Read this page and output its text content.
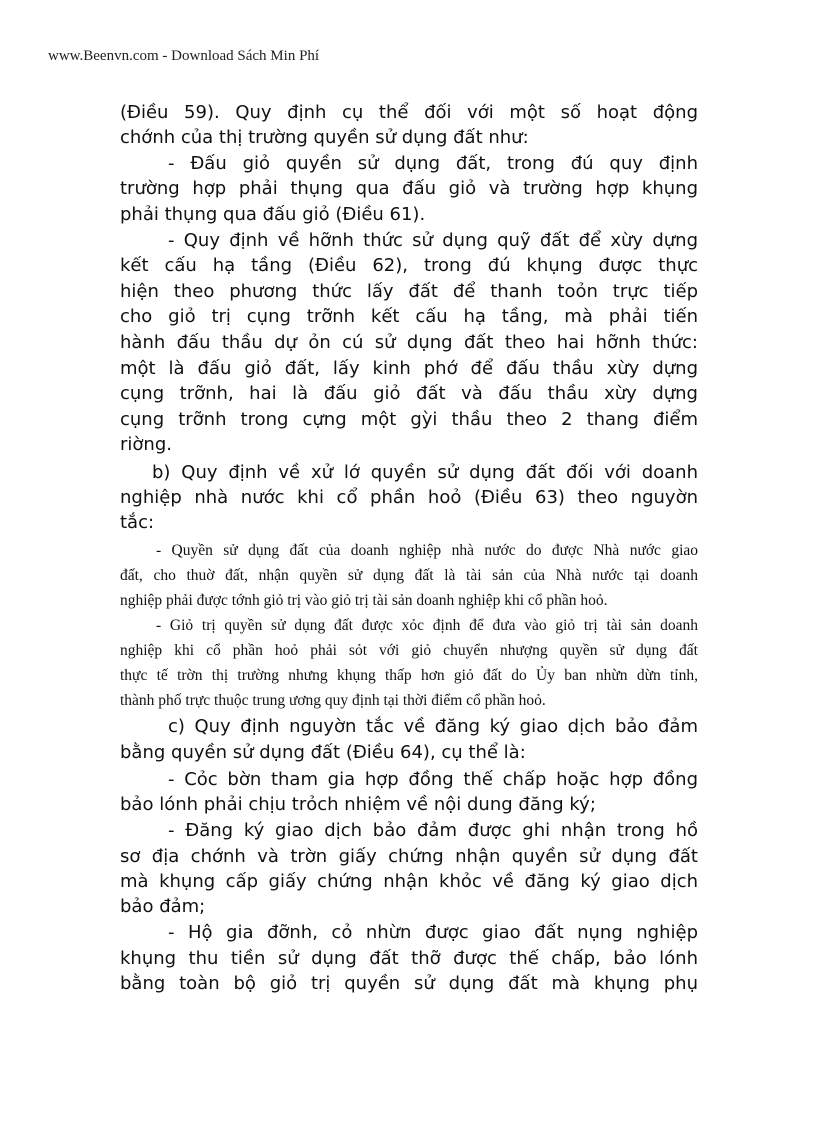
www.Beenvn.com - Download Sách Min Phí
(Điều 59). Quy định cụ thể đối với một số hoạt động
chớnh của thị trường quyền sử dụng đất như:
- Đấu giỏ quyền sử dụng đất, trong đú quy định
trường hợp phải thụng qua đấu giỏ và trường hợp khụng
phải thụng qua đấu giỏ (Điều 61).
- Quy định về hỡnh thức sử dụng quỹ đất để xừy dựng
kết cấu hạ tầng (Điều 62), trong đú khụng được thực
hiện theo phương thức lấy đất để thanh toỏn trực tiếp
cho giỏ trị cụng trỡnh kết cấu hạ tầng, mà phải tiến
hành đấu thầu dự ỏn cú sử dụng đất theo hai hỡnh thức:
một là đấu giỏ đất, lấy kinh phớ để đấu thầu xừy dựng
cụng trỡnh, hai là đấu giỏ đất và đấu thầu xừy dựng
cụng trỡnh trong cựng một gỳi thầu theo 2 thang điểm
riờng.
b) Quy định về xử lớ quyền sử dụng đất đối với doanh
nghiệp nhà nước khi cổ phần hoỏ (Điều 63) theo nguyờn
tắc:
- Quyền sử dụng đất của doanh nghiệp nhà nước do được Nhà nước giao
đất, cho thuờ đất, nhận quyền sử dụng đất là tài sản của Nhà nước tại doanh
nghiệp phải được tớnh giỏ trị vào giỏ trị tài sản doanh nghiệp khi cổ phần hoỏ.
- Giỏ trị quyền sử dụng đất được xỏc định để đưa vào giỏ trị tài sản doanh
nghiệp khi cổ phần hoỏ phải sỏt với giỏ chuyển nhượng quyền sử dụng đất
thực tế trờn thị trường nhưng khụng thấp hơn giỏ đất do Ủy ban nhừn dừn tỉnh,
thành phố trực thuộc trung ương quy định tại thời điểm cổ phần hoỏ.
c) Quy định nguyờn tắc về đăng ký giao dịch bảo đảm
bằng quyền sử dụng đất (Điều 64), cụ thể là:
- Cỏc bờn tham gia hợp đồng thế chấp hoặc hợp đồng
bảo lónh phải chịu trỏch nhiệm về nội dung đăng ký;
- Đăng ký giao dịch bảo đảm được ghi nhận trong hồ
sơ địa chớnh và trờn giấy chứng nhận quyền sử dụng đất
mà khụng cấp giấy chứng nhận khỏc về đăng ký giao dịch
bảo đảm;
- Hộ gia đỡnh, cỏ nhừn được giao đất nụng nghiệp
khụng thu tiền sử dụng đất thỡ được thế chấp, bảo lónh
bằng toàn bộ giỏ trị quyền sử dụng đất mà khụng phụ
